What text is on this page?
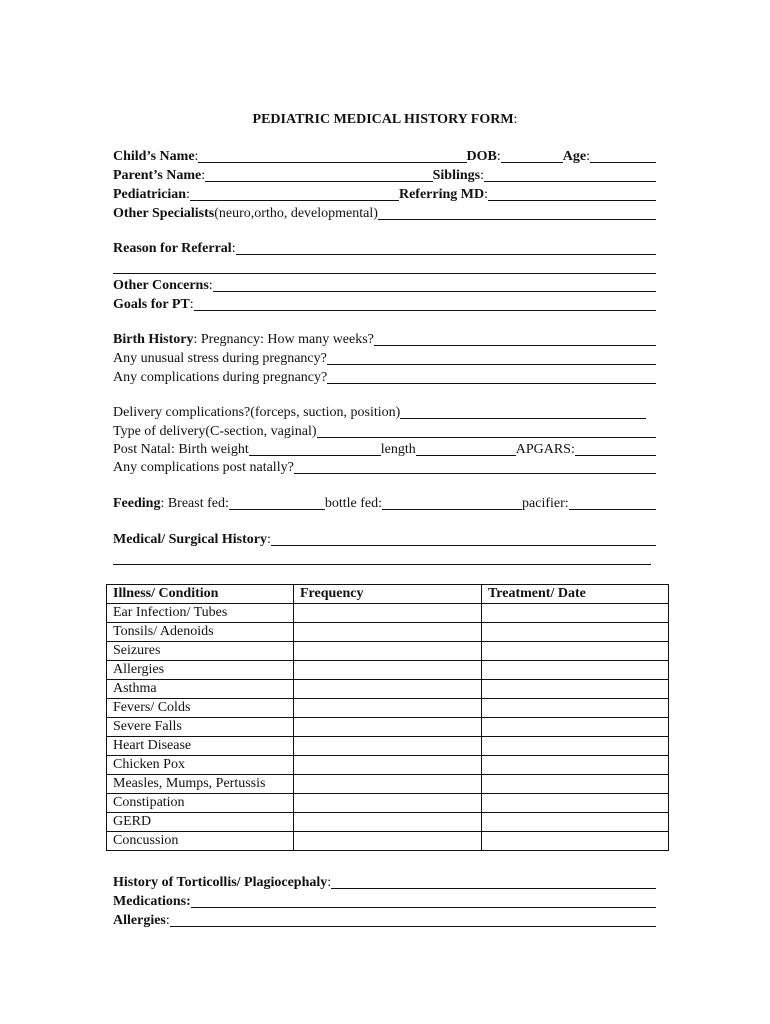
PEDIATRIC MEDICAL HISTORY FORM:
Child’s Name :	DOB :	Age :
Parent’s Name :	Siblings :
Pediatrician :	Referring MD :
Other Specialists (neuro,ortho, developmental)
Reason for Referral :
Other Concerns :
Goals for PT :
Birth History : Pregnancy: How many weeks?
Any unusual stress during pregnancy?
Any complications during pregnancy?
Delivery complications?(forceps, suction, position)
Type of delivery(C-section, vaginal)
Post Natal: Birth weight	length	APGARS:
Any complications post natally?
Feeding : Breast fed:	bottle fed:	pacifier:
Medical/ Surgical History :
Illness/ Condition	Frequency	Treatment/ Date
Ear Infection/ Tubes		
Tonsils/ Adenoids		
Seizures		
Allergies		
Asthma		
Fevers/ Colds		
Severe Falls		
Heart Disease		
Chicken Pox		
Measles, Mumps, Pertussis		
Constipation		
GERD		
Concussion		
History of Torticollis/ Plagiocephaly :
Medications:
Allergies :
